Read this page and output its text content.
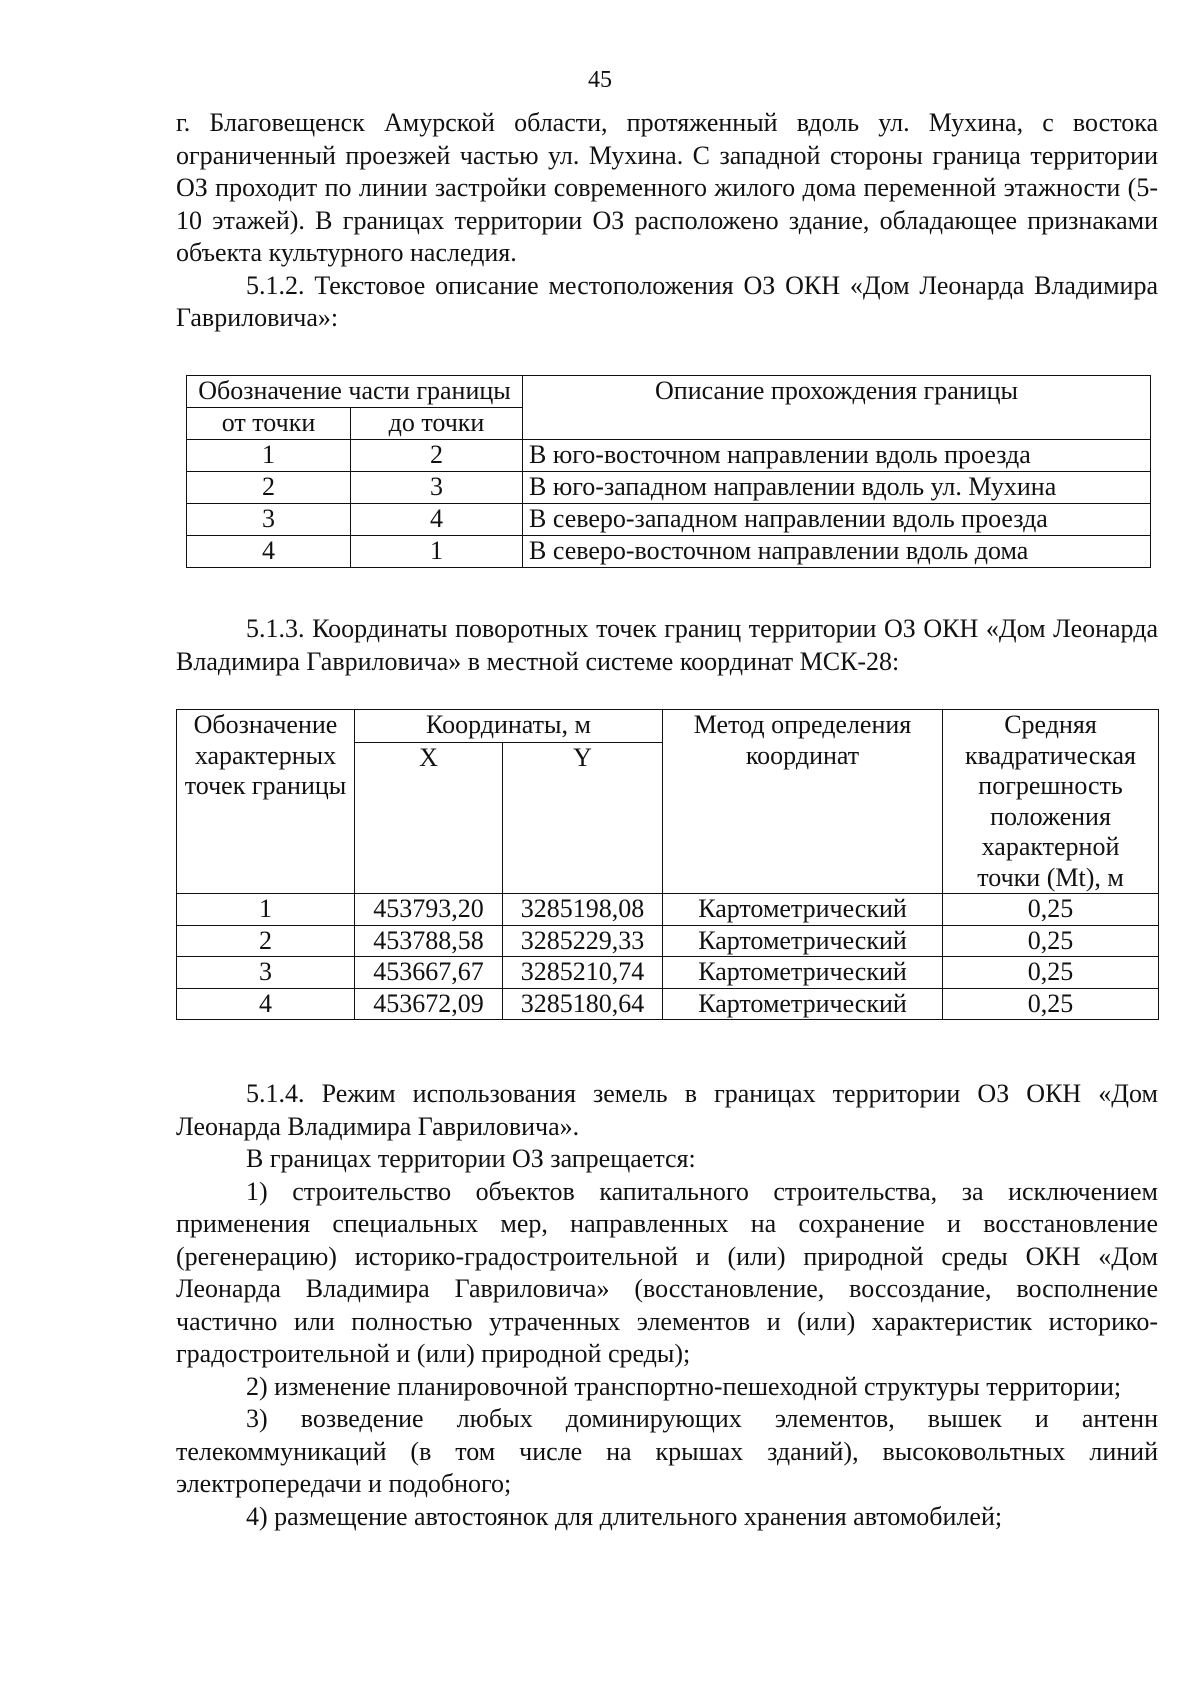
45

г. Благовещенск Амурской области, протяженный вдоль ул. Мухина, с востока ограниченный проезжей частью ул. Мухина. С западной стороны граница территории ОЗ проходит по линии застройки современного жилого дома переменной этажности (5-10 этажей). В границах территории ОЗ расположено здание, обладающее признаками объекта культурного наследия.

5.1.2. Текстовое описание местоположения ОЗ ОКН «Дом Леонарда Владимира Гавриловича»:

Обозначение части границы		Описание прохождения границы
от точки	до точки	
1	2	В юго-восточном направлении вдоль проезда
2	3	В юго-западном направлении вдоль ул. Мухина
3	4	В северо-западном направлении вдоль проезда
4	1	В северо-восточном направлении вдоль дома

5.1.3. Координаты поворотных точек границ территории ОЗ ОКН «Дом Леонарда Владимира Гавриловича» в местной системе координат МСК-28:

Обозначение характерных точек границы	Координаты, м		Метод определения координат	Средняя квадратическая погрешность положения характерной точки (Mt), м
	X	Y		
1	453793,20	3285198,08	Картометрический	0,25
2	453788,58	3285229,33	Картометрический	0,25
3	453667,67	3285210,74	Картометрический	0,25
4	453672,09	3285180,64	Картометрический	0,25

5.1.4. Режим использования земель в границах территории ОЗ ОКН «Дом Леонарда Владимира Гавриловича».

В границах территории ОЗ запрещается:

1) строительство объектов капитального строительства, за исключением применения специальных мер, направленных на сохранение и восстановление (регенерацию) историко-градостроительной и (или) природной среды ОКН «Дом Леонарда Владимира Гавриловича» (восстановление, воссоздание, восполнение частично или полностью утраченных элементов и (или) характеристик историко-градостроительной и (или) природной среды);

2) изменение планировочной транспортно-пешеходной структуры территории;

3) возведение любых доминирующих элементов, вышек и антенн телекоммуникаций (в том числе на крышах зданий), высоковольтных линий электропередачи и подобного;

4) размещение автостоянок для длительного хранения автомобилей;
